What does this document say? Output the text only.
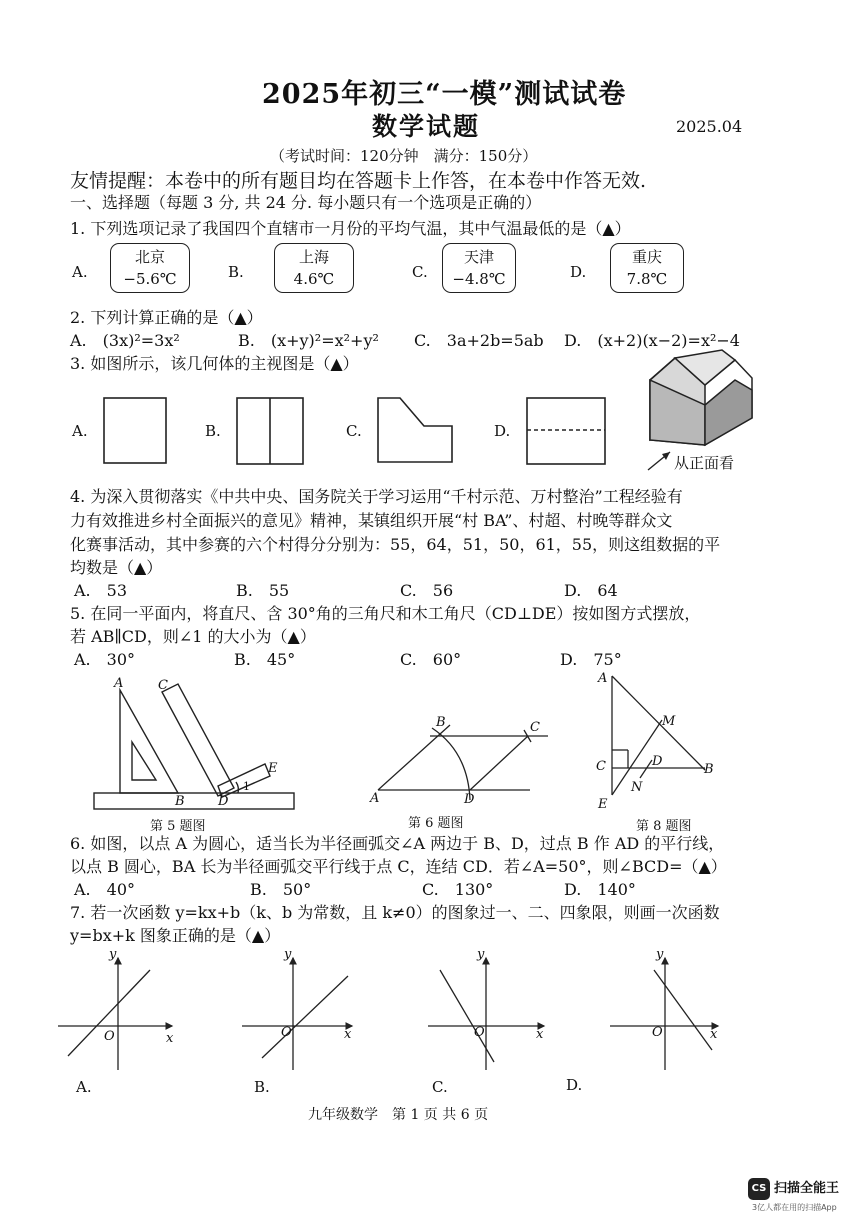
2025年初三“一模”测试试卷
数学试题	2025.04
（考试时间：120分钟　满分：150分）
友情提醒：本卷中的所有题目均在答题卡上作答，在本卷中作答无效.
一、选择题（每题 3 分, 共 24 分. 每小题只有一个选项是正确的）
1. 下列选项记录了我国四个直辖市一月份的平均气温，其中气温最低的是（▲）
A.
北京
−5.6℃	B.
上海
4.6℃	C.
天津
−4.8℃	D.
重庆
7.8℃
2. 下列计算正确的是（▲）
A.　(3x)²=3x²	B.　(x+y)²=x²+y² C.　3a+2b=5ab D.　(x+2)(x−2)=x²−4
3. 如图所示，该几何体的主视图是（▲）
A.	B.	C.	D.
从正面看
4. 为深入贯彻落实《中共中央、国务院关于学习运用“千村示范、万村整治”工程经验有
力有效推进乡村全面振兴的意见》精神，某镇组织开展“村 BA”、村超、村晚等群众文
化赛事活动，其中参赛的六个村得分分别为：55，64，51，50，61，55，则这组数据的平
均数是（▲）
A.　53	B.　55	C.　56	D.　64
5. 在同一平面内，将直尺、含 30°角的三角尺和木工角尺（CD⊥DE）按如图方式摆放，
若 AB∥CD，则∠1 的大小为（▲）
A.　30°	B.　45°	C.　60°	D.　75°
A	C
E
B	D
1
B	C
A	D
A
M
C	D
B
N
E
第 5 题图	第 6 题图	第 8 题图
6. 如图，以点 A 为圆心，适当长为半径画弧交∠A 两边于 B、D，过点 B 作 AD 的平行线，
以点 B 圆心，BA 长为半径画弧交平行线于点 C，连结 CD．若∠A=50°，则∠BCD=（▲）
A.　40°	B.　50°	C.　130°	D.　140°
7. 若一次函数 y=kx+b（k、b 为常数，且 k≠0）的图象过一、二、四象限，则画一次函数
y=bx+k 图象正确的是（▲）
y
x
O
y
x
O
y
x
O
y
x
O
A.	B.	C.	D.
九年级数学　第 1 页 共 6 页
CS 扫描全能王
3亿人都在用的扫描App
